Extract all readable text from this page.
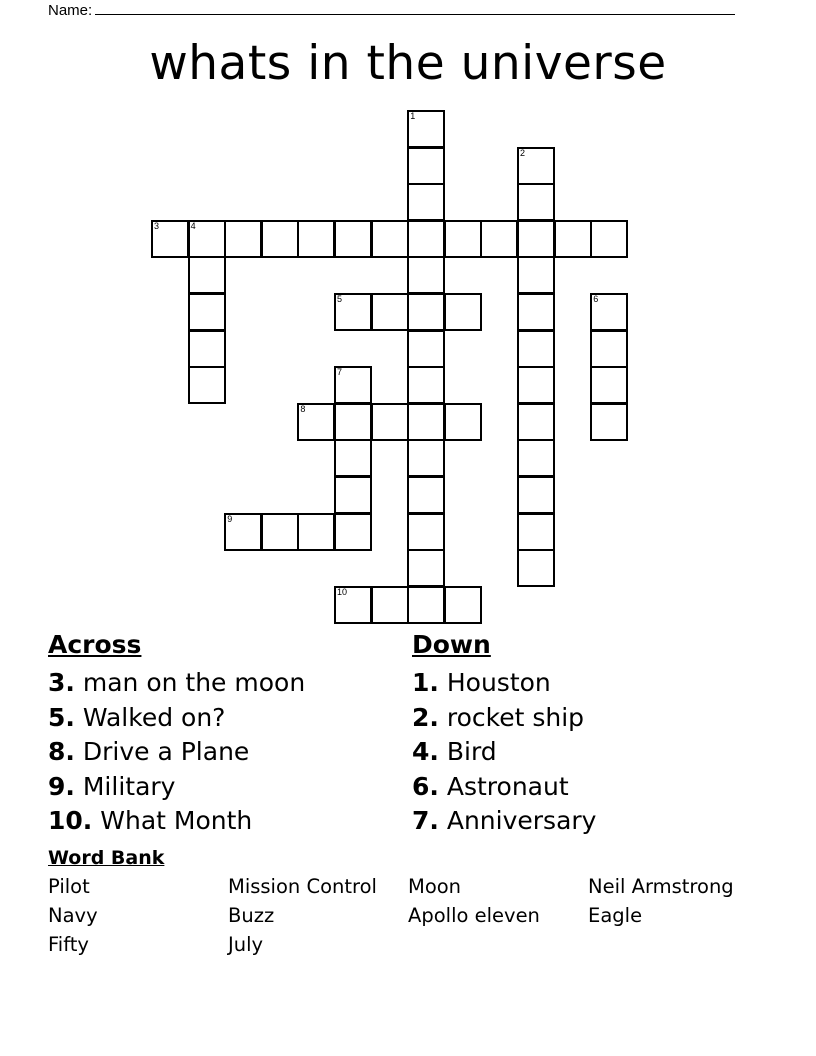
Name:
whats in the universe
1
2
3	4
5	6
7
8
9
10
Across
3. man on the moon
5. Walked on?
8. Drive a Plane
9. Military
10. What Month
Down
1. Houston
2. rocket ship
4. Bird
6. Astronaut
7. Anniversary
Word Bank
Pilot	Mission Control	Moon	Neil Armstrong
Navy	Buzz	Apollo eleven	Eagle
Fifty	July
